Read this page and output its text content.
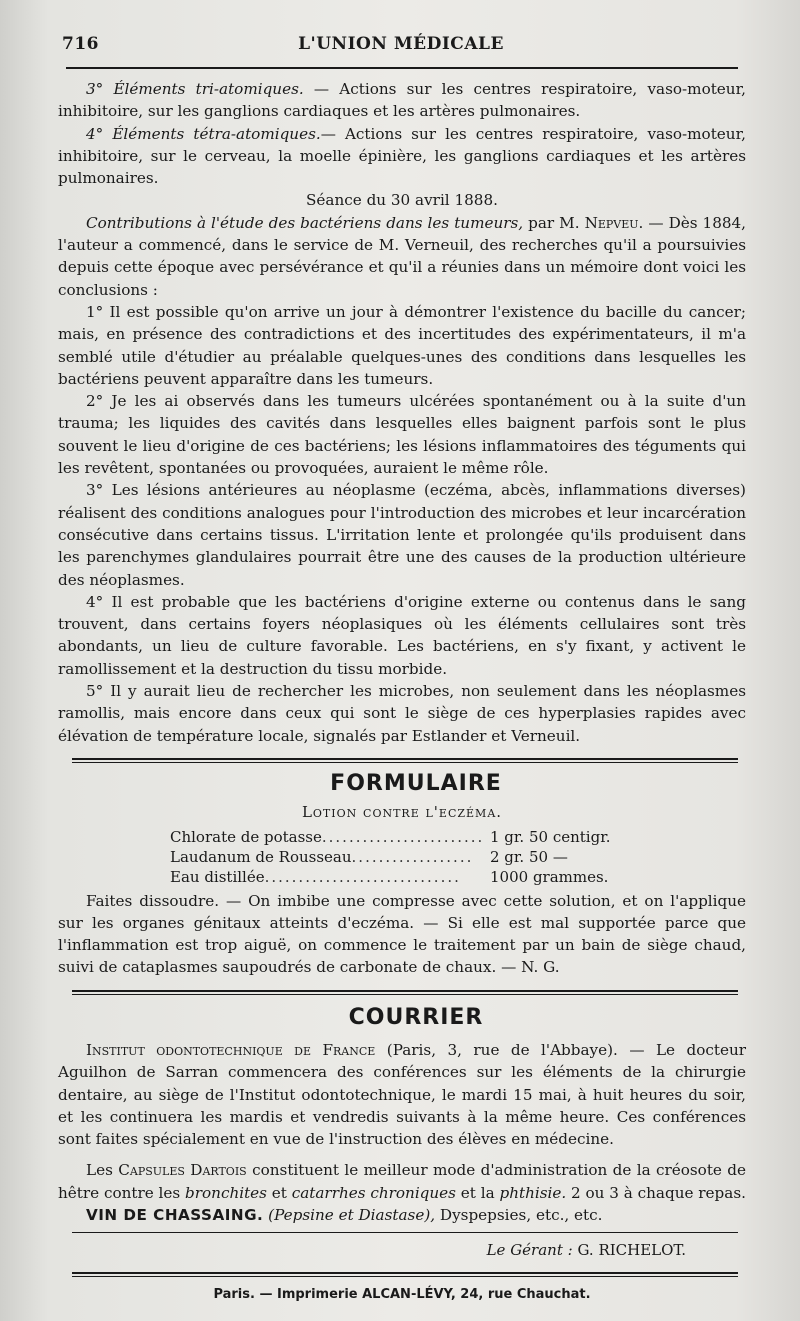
716	L'UNION MÉDICALE

3° Éléments tri-atomiques. — Actions sur les centres respiratoire, vaso-moteur, inhibitoire, sur les ganglions cardiaques et les artères pulmonaires.

4° Éléments tétra-atomiques.— Actions sur les centres respiratoire, vaso-moteur, inhibitoire, sur le cerveau, la moelle épinière, les ganglions cardiaques et les artères pulmonaires.

Séance du 30 avril 1888.

Contributions à l'étude des bactériens dans les tumeurs, par M. Nepveu. — Dès 1884, l'auteur a commencé, dans le service de M. Verneuil, des recherches qu'il a poursuivies depuis cette époque avec persévérance et qu'il a réunies dans un mémoire dont voici les conclusions :

1° Il est possible qu'on arrive un jour à démontrer l'existence du bacille du cancer; mais, en présence des contradictions et des incertitudes des expérimentateurs, il m'a semblé utile d'étudier au préalable quelques-unes des conditions dans lesquelles les bactériens peuvent apparaître dans les tumeurs.

2° Je les ai observés dans les tumeurs ulcérées spontanément ou à la suite d'un trauma; les liquides des cavités dans lesquelles elles baignent parfois sont le plus souvent le lieu d'origine de ces bactériens; les lésions inflammatoires des téguments qui les revêtent, spontanées ou provoquées, auraient le même rôle.

3° Les lésions antérieures au néoplasme (eczéma, abcès, inflammations diverses) réalisent des conditions analogues pour l'introduction des microbes et leur incarcération consécutive dans certains tissus. L'irritation lente et prolongée qu'ils produisent dans les parenchymes glandulaires pourrait être une des causes de la production ultérieure des néoplasmes.

4° Il est probable que les bactériens d'origine externe ou contenus dans le sang trouvent, dans certains foyers néoplasiques où les éléments cellulaires sont très abondants, un lieu de culture favorable. Les bactériens, en s'y fixant, y activent le ramollissement et la destruction du tissu morbide.

5° Il y aurait lieu de rechercher les microbes, non seulement dans les néoplasmes ramollis, mais encore dans ceux qui sont le siège de ces hyperplasies rapides avec élévation de température locale, signalés par Estlander et Verneuil.

FORMULAIRE

Lotion contre l'eczéma.
Chlorate de potasse ........................ 1 gr. 50 centigr.
Laudanum de Rousseau ..................	2 gr. 50 —
Eau distillée .............................	1000 grammes.

Faites dissoudre. — On imbibe une compresse avec cette solution, et on l'applique sur les organes génitaux atteints d'eczéma. — Si elle est mal supportée parce que l'inflammation est trop aiguë, on commence le traitement par un bain de siège chaud, suivi de cataplasmes saupoudrés de carbonate de chaux. — N. G.

COURRIER

Institut odontotechnique de France (Paris, 3, rue de l'Abbaye). — Le docteur Aguilhon de Sarran commencera des conférences sur les éléments de la chirurgie dentaire, au siège de l'Institut odontotechnique, le mardi 15 mai, à huit heures du soir, et les continuera les mardis et vendredis suivants à la même heure. Ces conférences sont faites spécialement en vue de l'instruction des élèves en médecine.

Les Capsules Dartois constituent le meilleur mode d'administration de la créosote de hêtre contre les bronchites et catarrhes chroniques et la phthisie. 2 ou 3 à chaque repas.

VIN DE CHASSAING. (Pepsine et Diastase), Dyspepsies, etc., etc.

Le Gérant : G. RICHELOT.
Paris. — Imprimerie ALCAN-LÉVY, 24, rue Chauchat.
